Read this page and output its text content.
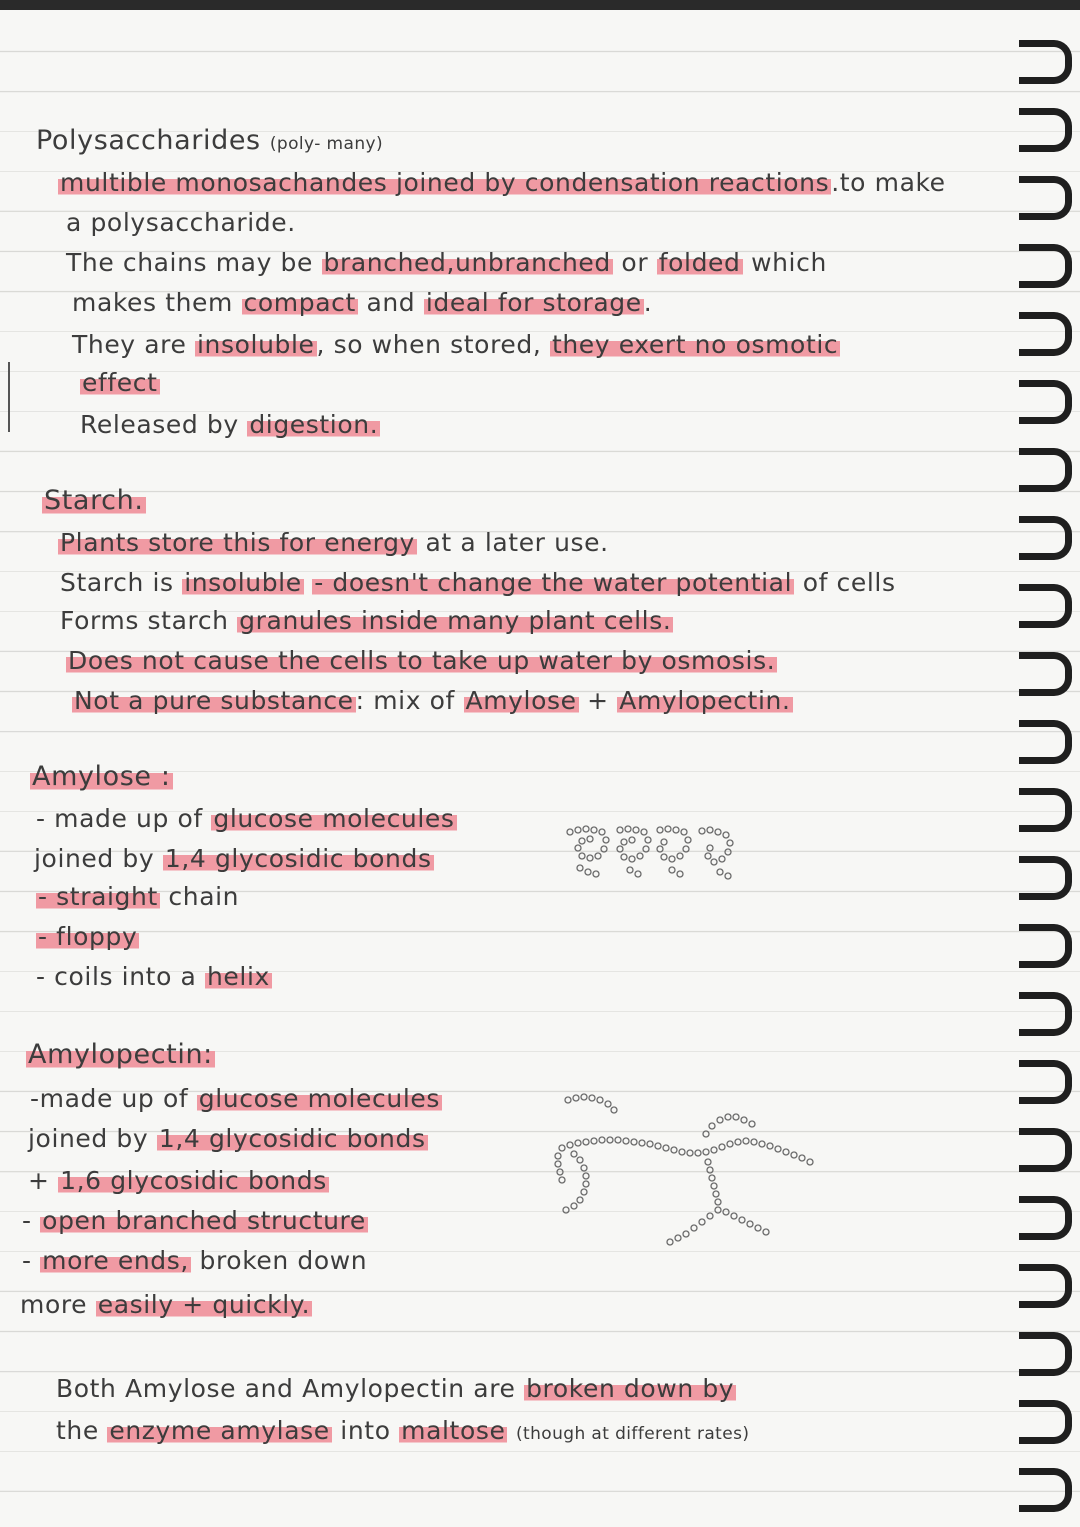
Polysaccharides (poly- many)
multible monosachandes joined by condensation reactions.to make
a polysaccharide.
The chains may be branched,unbranched or folded which
makes them compact and ideal for storage.
They are insoluble, so when stored, they exert no osmotic
effect
Released by digestion.
Starch.
Plants store this for energy at a later use.
Starch is insoluble - doesn't change the water potential of cells
Forms starch granules inside many plant cells.
Does not cause the cells to take up water by osmosis.
Not a pure substance: mix of Amylose + Amylopectin.
Amylose :
- made up of glucose molecules
joined by 1,4 glycosidic bonds
- straight chain
- floppy
- coils into a helix
Amylopectin:
-made up of glucose molecules
joined by 1,4 glycosidic bonds
+ 1,6 glycosidic bonds
- open branched structure
- more ends, broken down
more easily + quickly.
Both Amylose and Amylopectin are broken down by
the enzyme amylase into maltose (though at different rates)
